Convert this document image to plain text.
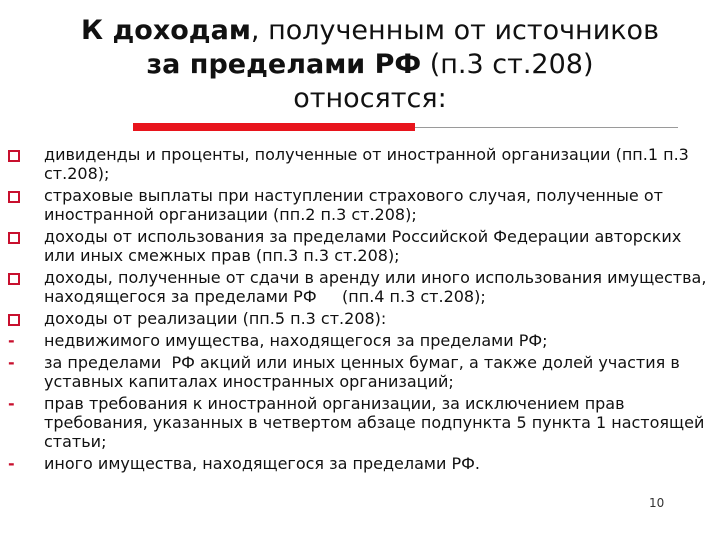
К доходам, полученным от источников
за пределами РФ (п.3 ст.208)
относятся:
дивиденды и проценты, полученные от иностранной организации (пп.1 п.3 ст.208);
страховые выплаты при наступлении страхового случая, полученные от иностранной организации (пп.2 п.3 ст.208);
доходы от использования за пределами Российской Федерации авторских или иных смежных прав (пп.3 п.3 ст.208);
доходы, полученные от сдачи в аренду или иного использования имущества, находящегося за пределами РФ     (пп.4 п.3 ст.208);
доходы от реализации (пп.5 п.3 ст.208):
- недвижимого имущества, находящегося за пределами РФ;
- за пределами  РФ акций или иных ценных бумаг, а также долей участия в уставных капиталах иностранных организаций;
- прав требования к иностранной организации, за исключением прав требования, указанных в четвертом абзаце подпункта 5 пункта 1 настоящей статьи;
- иного имущества, находящегося за пределами РФ.
10
